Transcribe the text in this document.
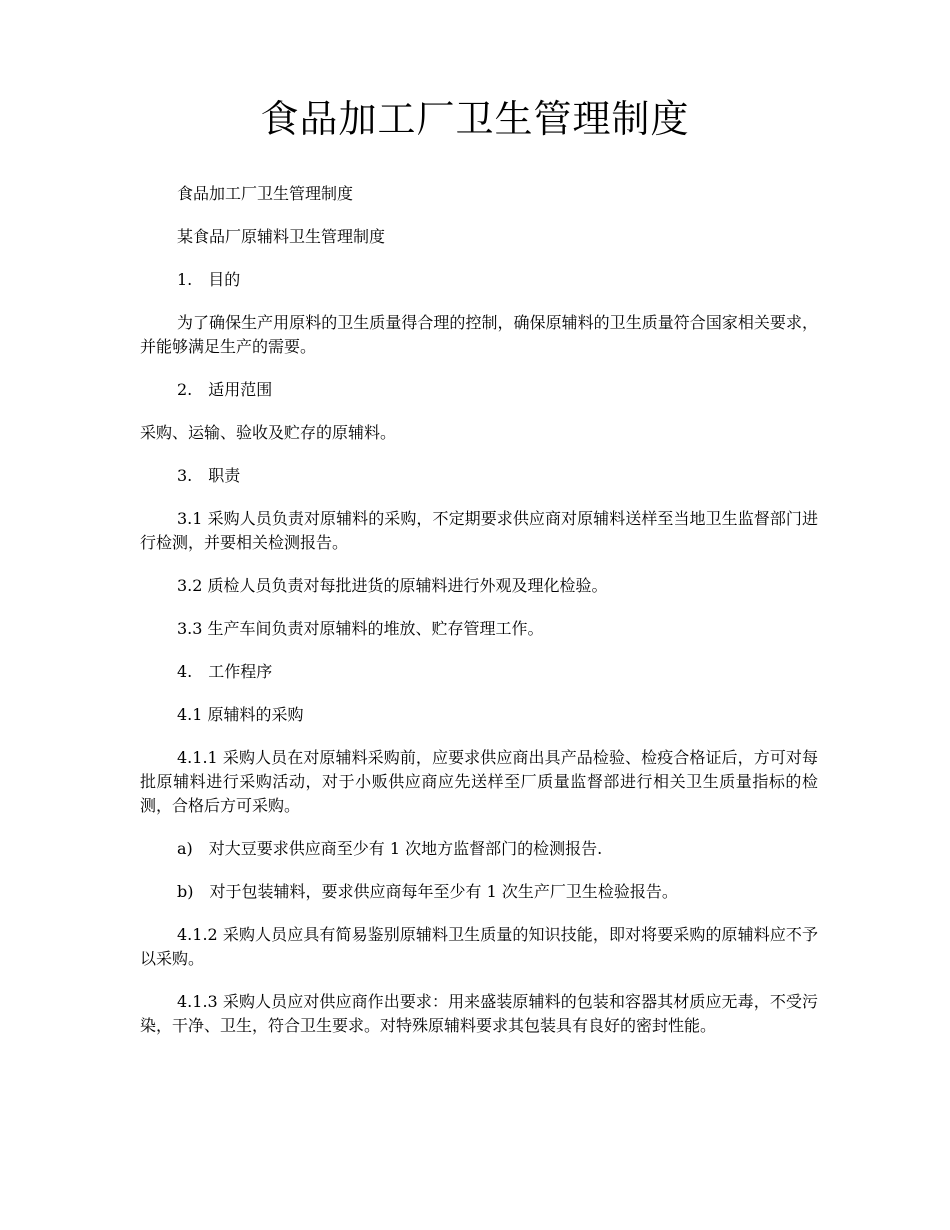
食品加工厂卫生管理制度

食品加工厂卫生管理制度

某食品厂原辅料卫生管理制度

1.　目的

为了确保生产用原料的卫生质量得合理的控制，确保原辅料的卫生质量符合国家相关要求，并能够满足生产的需要。

2.　适用范围

采购、运输、验收及贮存的原辅料。

3.　职责

3.1 采购人员负责对原辅料的采购，不定期要求供应商对原辅料送样至当地卫生监督部门进行检测，并要相关检测报告。

3.2 质检人员负责对每批进货的原辅料进行外观及理化检验。

3.3 生产车间负责对原辅料的堆放、贮存管理工作。

4.　工作程序

4.1 原辅料的采购

4.1.1 采购人员在对原辅料采购前，应要求供应商出具产品检验、检疫合格证后，方可对每批原辅料进行采购活动，对于小贩供应商应先送样至厂质量监督部进行相关卫生质量指标的检测，合格后方可采购。

a)　对大豆要求供应商至少有 1 次地方监督部门的检测报告.

b)　对于包装辅料，要求供应商每年至少有 1 次生产厂卫生检验报告。

4.1.2 采购人员应具有简易鉴别原辅料卫生质量的知识技能，即对将要采购的原辅料应不予以采购。

4.1.3 采购人员应对供应商作出要求：用来盛装原辅料的包装和容器其材质应无毒，不受污染，干净、卫生，符合卫生要求。对特殊原辅料要求其包装具有良好的密封性能。
